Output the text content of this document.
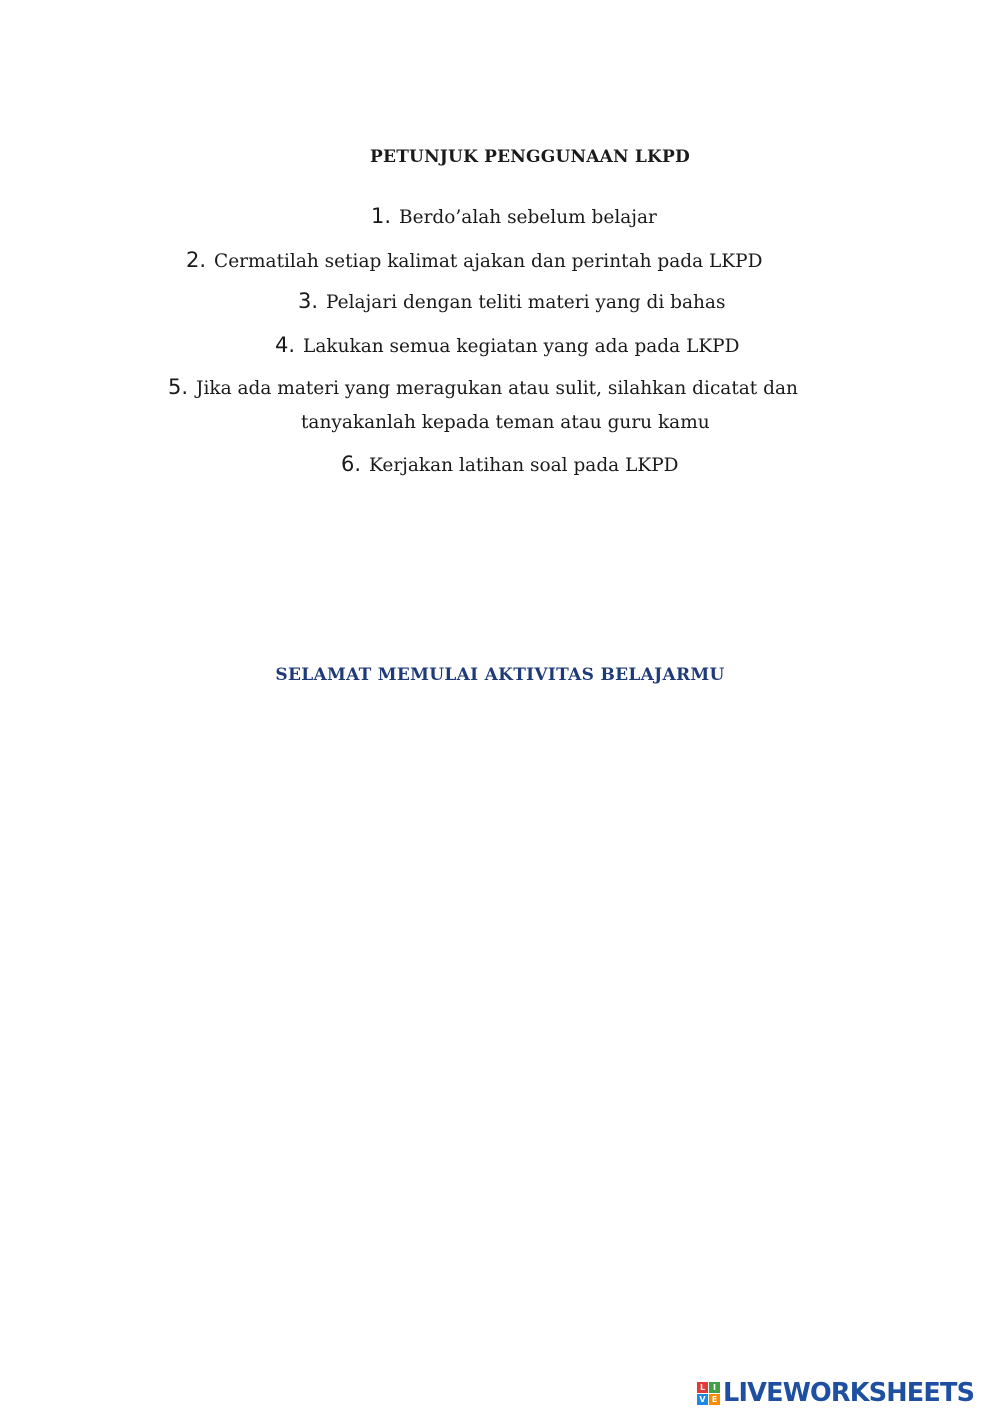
PETUNJUK PENGGUNAAN LKPD
1. Berdo’alah sebelum belajar
2. Cermatilah setiap kalimat ajakan dan perintah pada LKPD
3. Pelajari dengan teliti materi yang di bahas
4. Lakukan semua kegiatan yang ada pada LKPD
5. Jika ada materi yang meragukan atau sulit, silahkan dicatat dan
tanyakanlah kepada teman atau guru kamu
6. Kerjakan latihan soal pada LKPD
SELAMAT MEMULAI AKTIVITAS BELAJARMU
L I
V E LIVEWORKSHEETS
